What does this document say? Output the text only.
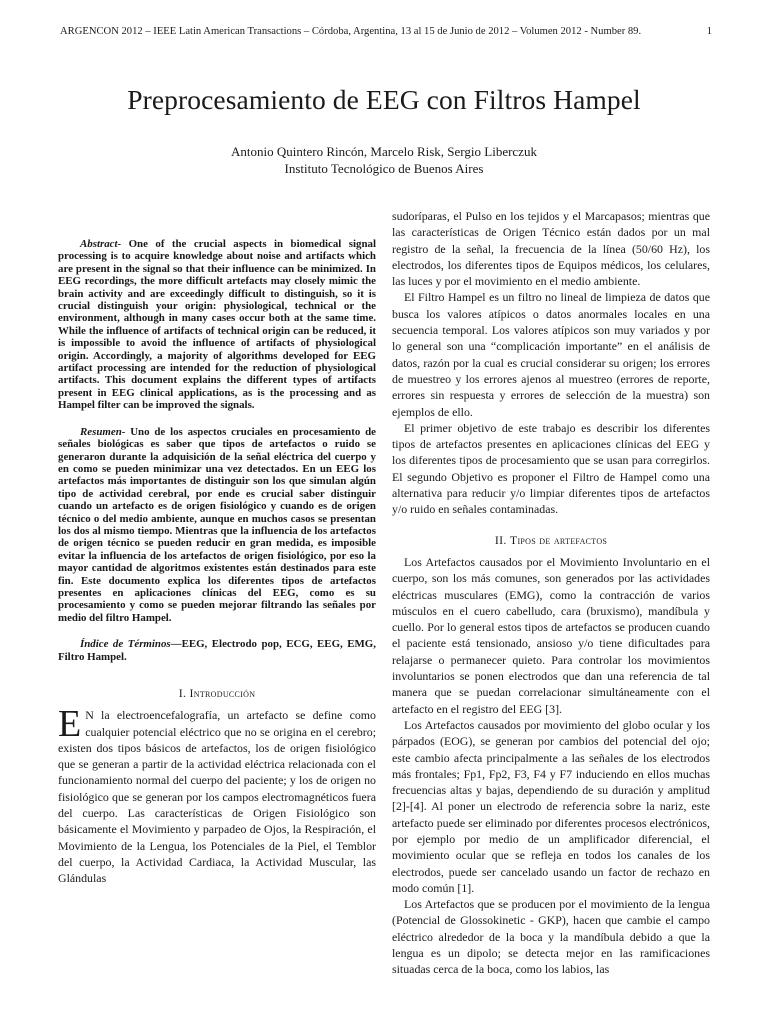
ARGENCON 2012 – IEEE Latin American Transactions – Córdoba, Argentina, 13 al 15 de Junio de 2012 – Volumen 2012 - Number 89.	1
Preprocesamiento de EEG con Filtros Hampel
Antonio Quintero Rincón, Marcelo Risk, Sergio Liberczuk
Instituto Tecnológico de Buenos Aires

Abstract- One of the crucial aspects in biomedical signal processing is to acquire knowledge about noise and artifacts which are present in the signal so that their influence can be minimized. In EEG recordings, the more difficult artefacts may closely mimic the brain activity and are exceedingly difficult to distinguish, so it is crucial distinguish your origin: physiological, technical or the environment, although in many cases occur both at the same time. While the influence of artifacts of technical origin can be reduced, it is impossible to avoid the influence of artifacts of physiological origin. Accordingly, a majority of algorithms developed for EEG artifact processing are intended for the reduction of physiological artifacts. This document explains the different types of artifacts present in EEG clinical applications, as is the processing and as Hampel filter can be improved the signals.

Resumen- Uno de los aspectos cruciales en procesamiento de señales biológicas es saber que tipos de artefactos o ruido se generaron durante la adquisición de la señal eléctrica del cuerpo y en como se pueden minimizar una vez detectados. En un EEG los artefactos más importantes de distinguir son los que simulan algún tipo de actividad cerebral, por ende es crucial saber distinguir cuando un artefacto es de origen fisiológico y cuando es de origen técnico o del medio ambiente, aunque en muchos casos se presentan los dos al mismo tiempo. Mientras que la influencia de los artefactos de origen técnico se pueden reducir en gran medida, es imposible evitar la influencia de los artefactos de origen fisiológico, por eso la mayor cantidad de algoritmos existentes están destinados para este fin. Este documento explica los diferentes tipos de artefactos presentes en aplicaciones clínicas del EEG, como es su procesamiento y como se pueden mejorar filtrando las señales por medio del filtro Hampel.

Índice de Términos—EEG, Electrodo pop, ECG, EEG, EMG, Filtro Hampel.

I. Introducción

E N la electroencefalografía, un artefacto se define como cualquier potencial eléctrico que no se origina en el cerebro; existen dos tipos básicos de artefactos, los de origen fisiológico que se generan a partir de la actividad eléctrica relacionada con el funcionamiento normal del cuerpo del paciente; y los de origen no fisiológico que se generan por los campos electromagnéticos fuera del cuerpo. Las características de Origen Fisiológico son básicamente el Movimiento y parpadeo de Ojos, la Respiración, el Movimiento de la Lengua, los Potenciales de la Piel, el Temblor del cuerpo, la Actividad Cardiaca, la Actividad Muscular, las Glándulas

sudoríparas, el Pulso en los tejidos y el Marcapasos; mientras que las características de Origen Técnico están dados por un mal registro de la señal, la frecuencia de la línea (50/60 Hz), los electrodos, los diferentes tipos de Equipos médicos, los celulares, las luces y por el movimiento en el medio ambiente.

El Filtro Hampel es un filtro no lineal de limpieza de datos que busca los valores atípicos o datos anormales locales en una secuencia temporal. Los valores atípicos son muy variados y por lo general son una “complicación importante” en el análisis de datos, razón por la cual es crucial considerar su origen; los errores de muestreo y los errores ajenos al muestreo (errores de reporte, errores sin respuesta y errores de selección de la muestra) son ejemplos de ello.

El primer objetivo de este trabajo es describir los diferentes tipos de artefactos presentes en aplicaciones clínicas del EEG y los diferentes tipos de procesamiento que se usan para corregirlos. El segundo Objetivo es proponer el Filtro de Hampel como una alternativa para reducir y/o limpiar diferentes tipos de artefactos y/o ruido en señales contaminadas.

II. Tipos de artefactos

Los Artefactos causados por el Movimiento Involuntario en el cuerpo, son los más comunes, son generados por las actividades eléctricas musculares (EMG), como la contracción de varios músculos en el cuero cabelludo, cara (bruxismo), mandíbula y cuello. Por lo general estos tipos de artefactos se producen cuando el paciente está tensionado, ansioso y/o tiene dificultades para relajarse o permanecer quieto. Para controlar los movimientos involuntarios se ponen electrodos que dan una referencia de tal manera que se puedan correlacionar simultáneamente con el artefacto en el registro del EEG [3].

Los Artefactos causados por movimiento del globo ocular y los párpados (EOG), se generan por cambios del potencial del ojo; este cambio afecta principalmente a las señales de los electrodos más frontales; Fp1, Fp2, F3, F4 y F7 induciendo en ellos muchas frecuencias altas y bajas, dependiendo de su duración y amplitud [2]-[4]. Al poner un electrodo de referencia sobre la nariz, este artefacto puede ser eliminado por diferentes procesos electrónicos, por ejemplo por medio de un amplificador diferencial, el movimiento ocular que se refleja en todos los canales de los electrodos, puede ser cancelado usando un factor de rechazo en modo común [1].

Los Artefactos que se producen por el movimiento de la lengua (Potencial de Glossokinetic - GKP), hacen que cambie el campo eléctrico alrededor de la boca y la mandíbula debido a que la lengua es un dipolo; se detecta mejor en las ramificaciones situadas cerca de la boca, como los labios, las
